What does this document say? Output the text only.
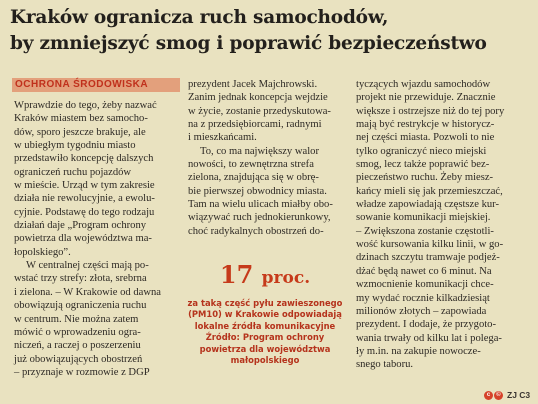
Kraków ogranicza ruch samochodów,
by zmniejszyć smog i poprawić bezpieczeństwo
OCHRONA ŚRODOWISKA
Wprawdzie do tego, żeby nazwać
Kraków miastem bez samocho-
dów, sporo jeszcze brakuje, ale
w ubiegłym tygodniu miasto
przedstawiło koncepcję dalszych
ograniczeń ruchu pojazdów
w mieście. Urząd w tym zakresie
działa nie rewolucyjnie, a ewolu-
cyjnie. Podstawę do tego rodzaju
działań daje „Program ochrony
powietrza dla województwa ma-
łopolskiego”.
W centralnej części mają po-
wstać trzy strefy: złota, srebrna
i zielona. – W Krakowie od dawna
obowiązują ograniczenia ruchu
w centrum. Nie można zatem
mówić o wprowadzeniu ogra-
niczeń, a raczej o poszerzeniu
już obowiązujących obostrzeń
– przyznaje w rozmowie z DGP
prezydent Jacek Majchrowski.
Zanim jednak koncepcja wejdzie
w życie, zostanie przedyskutowa-
na z przedsiębiorcami, radnymi
i mieszkańcami.
To, co ma największy walor
nowości, to zewnętrzna strefa
zielona, znajdująca się w obrę-
bie pierwszej obwodnicy miasta.
Tam na wielu ulicach miałby obo-
wiązywać ruch jednokierunkowy,
choć radykalnych obostrzeń do-
tyczących wjazdu samochodów
projekt nie przewiduje. Znacznie
większe i ostrzejsze niż do tej pory
mają być restrykcje w historycz-
nej części miasta. Pozwoli to nie
tylko ograniczyć nieco miejski
smog, lecz także poprawić bez-
pieczeństwo ruchu. Żeby miesz-
kańcy mieli się jak przemieszczać,
władze zapowiadają częstsze kur-
sowanie komunikacji miejskiej.
– Zwiększona zostanie częstotli-
wość kursowania kilku linii, w go-
dzinach szczytu tramwaje podjeż-
dżać będą nawet co 6 minut. Na
wzmocnienie komunikacji chce-
my wydać rocznie kilkadziesiąt
milionów złotych – zapowiada
prezydent. I dodaje, że przygoto-
wania trwały od kilku lat i polega-
ły m.in. na zakupie nowocze-
snego taboru.
17 proc.
za taką część pyłu zawieszonego
(PM10) w Krakowie odpowiadają
lokalne źródła komunikacyjne
Źródło: Program ochrony
powietrza dla województwa
małopolskiego
c	© ZJ C3
